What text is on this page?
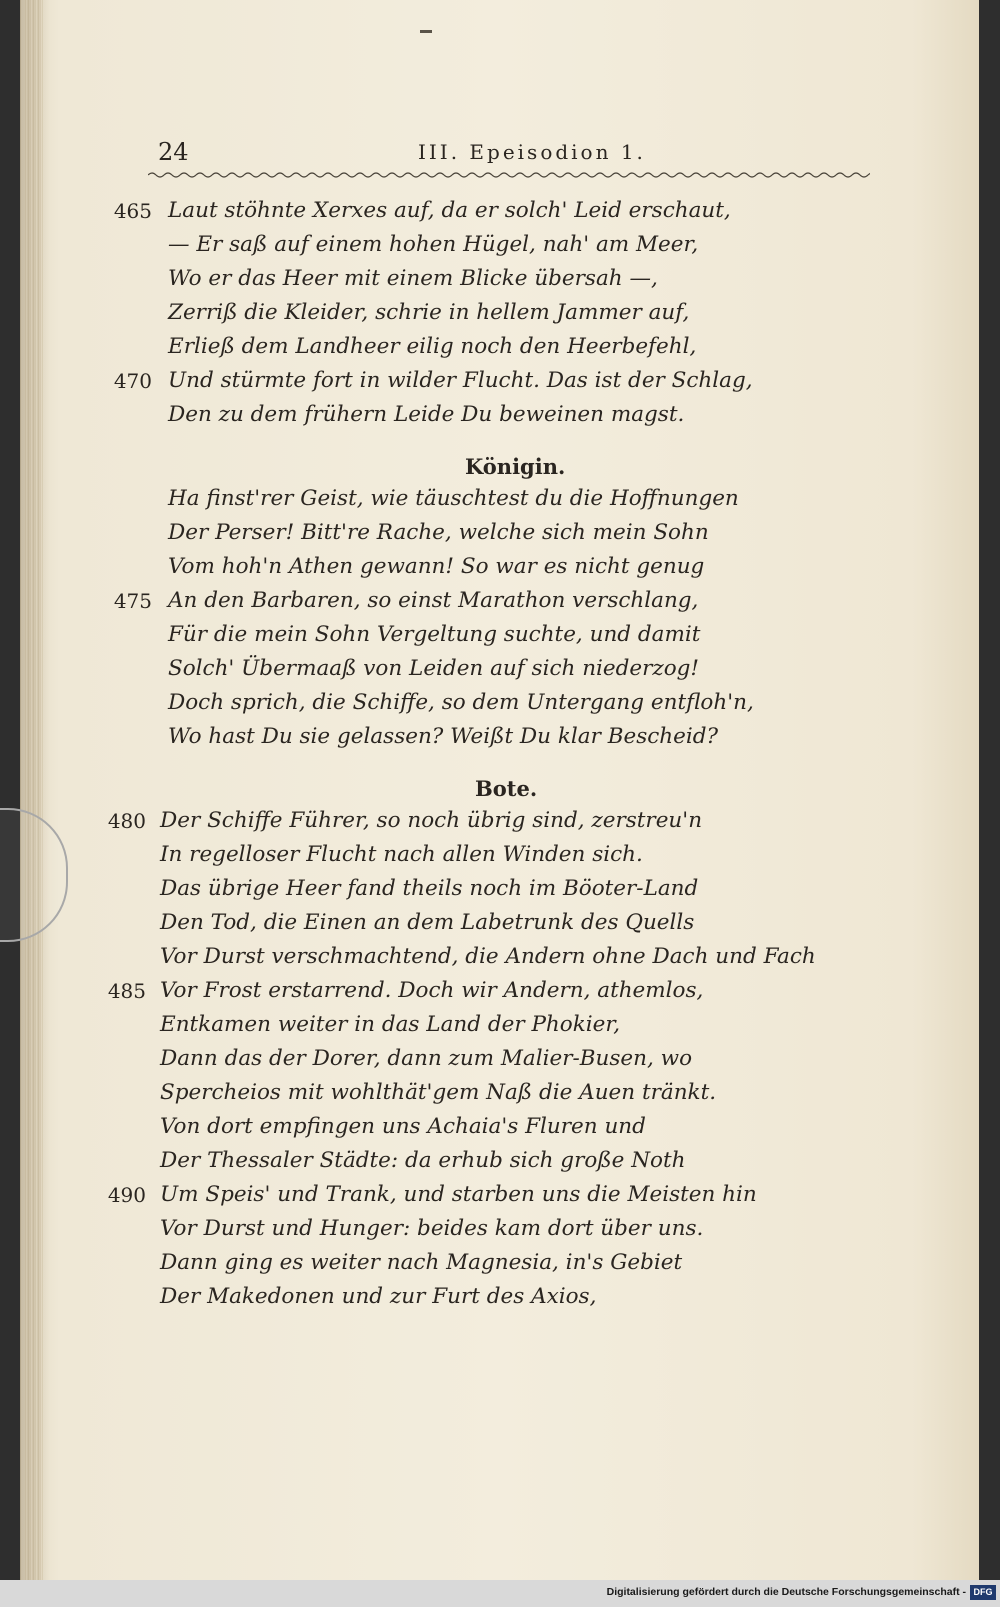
24	III. Epeisodion 1.
465 Laut stöhnte Xerxes auf, da er solch' Leid erschaut,
— Er saß auf einem hohen Hügel, nah' am Meer,
Wo er das Heer mit einem Blicke übersah —,
Zerriß die Kleider, schrie in hellem Jammer auf,
Erließ dem Landheer eilig noch den Heerbefehl,
470 Und stürmte fort in wilder Flucht. Das ist der Schlag,
Den zu dem frühern Leide Du beweinen magst.
Königin.
Ha finst'rer Geist, wie täuschtest du die Hoffnungen
Der Perser! Bitt're Rache, welche sich mein Sohn
Vom hoh'n Athen gewann! So war es nicht genug
475 An den Barbaren, so einst Marathon verschlang,
Für die mein Sohn Vergeltung suchte, und damit
Solch' Übermaaß von Leiden auf sich niederzog!
Doch sprich, die Schiffe, so dem Untergang entfloh'n,
Wo hast Du sie gelassen? Weißt Du klar Bescheid?
Bote.
480 Der Schiffe Führer, so noch übrig sind, zerstreu'n
In regelloser Flucht nach allen Winden sich.
Das übrige Heer fand theils noch im Böoter-Land
Den Tod, die Einen an dem Labetrunk des Quells
Vor Durst verschmachtend, die Andern ohne Dach und Fach
485 Vor Frost erstarrend. Doch wir Andern, athemlos,
Entkamen weiter in das Land der Phokier,
Dann das der Dorer, dann zum Malier-Busen, wo
Spercheios mit wohlthät'gem Naß die Auen tränkt.
Von dort empfingen uns Achaia's Fluren und
Der Thessaler Städte: da erhub sich große Noth
490 Um Speis' und Trank, und starben uns die Meisten hin
Vor Durst und Hunger: beides kam dort über uns.
Dann ging es weiter nach Magnesia, in's Gebiet
Der Makedonen und zur Furt des Axios,
Digitalisierung gefördert durch die Deutsche Forschungsgemeinschaft - DFG
